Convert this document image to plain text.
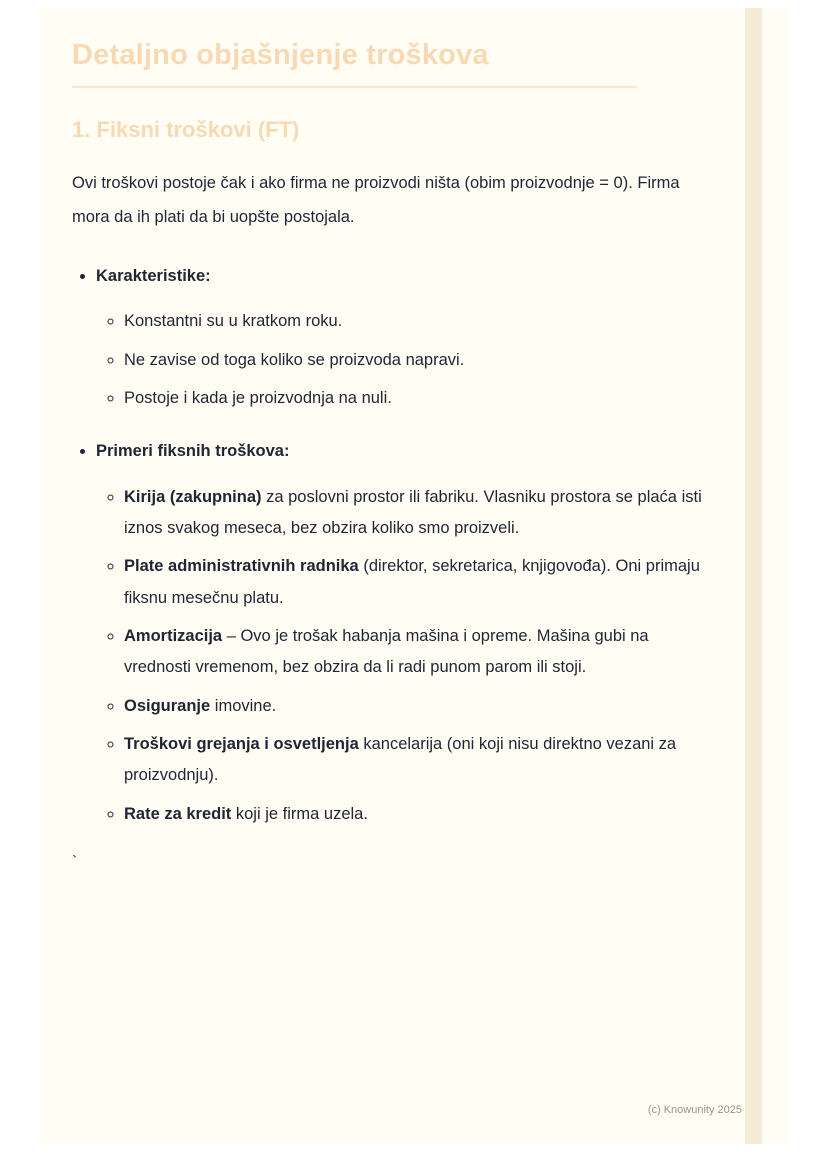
Detaljno objašnjenje troškova
1. Fiksni troškovi (FT)

Ovi troškovi postoje čak i ako firma ne proizvodi ništa (obim proizvodnje = 0). Firma mora da ih plati da bi uopšte postojala.

• Karakteristike:
◦ Konstantni su u kratkom roku.
◦ Ne zavise od toga koliko se proizvoda napravi.
◦ Postoje i kada je proizvodnja na nuli.
• Primeri fiksnih troškova:
◦ Kirija (zakupnina) za poslovni prostor ili fabriku. Vlasniku prostora se plaća isti iznos svakog meseca, bez obzira koliko smo proizveli.
◦ Plate administrativnih radnika (direktor, sekretarica, knjigovođa). Oni primaju fiksnu mesečnu platu.
◦ Amortizacija – Ovo je trošak habanja mašina i opreme. Mašina gubi na vrednosti vremenom, bez obzira da li radi punom parom ili stoji.
◦ Osiguranje imovine.
◦ Troškovi grejanja i osvetljenja kancelarija (oni koji nisu direktno vezani za proizvodnju).
◦ Rate za kredit koji je firma uzela.

`

(c) Knowunity 2025
